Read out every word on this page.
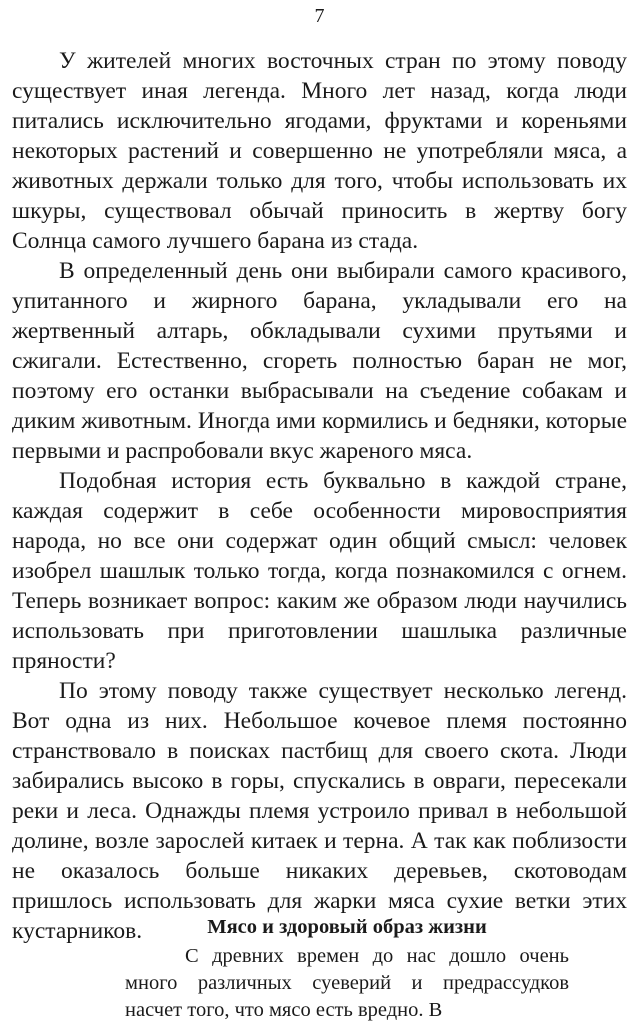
7

У жителей многих восточных стран по этому поводу существует иная легенда. Много лет назад, когда люди питались исключительно ягодами, фруктами и кореньями некоторых растений и совершенно не употребляли мяса, а животных держали только для того, чтобы использовать их шкуры, существовал обычай приносить в жертву богу Солнца самого лучшего барана из стада.

В определенный день они выбирали самого красивого, упитанного и жирного барана, укладывали его на жертвенный алтарь, обкладывали сухими прутьями и сжигали. Естественно, сгореть полностью баран не мог, поэтому его останки выбрасывали на съедение собакам и диким животным. Иногда ими кормились и бедняки, которые первыми и распробовали вкус жареного мяса.

Подобная история есть буквально в каждой стране, каждая содержит в себе особенности мировосприятия народа, но все они содержат один общий смысл: человек изобрел шашлык только тогда, когда познакомился с огнем. Теперь возникает вопрос: каким же образом люди научились использовать при приготовлении шашлыка различные пряности?

По этому поводу также существует несколько легенд. Вот одна из них. Небольшое кочевое племя постоянно странствовало в поисках пастбищ для своего скота. Люди забирались высоко в горы, спускались в овраги, пересекали реки и леса. Однажды племя устроило привал в небольшой долине, возле зарослей китаек и терна. А так как поблизости не оказалось больше никаких деревьев, скотоводам пришлось использовать для жарки мяса сухие ветки этих кустарников.	Мясо и здоровый образ жизни

С древних времен до нас дошло очень много различных суеверий и предрассудков насчет того, что мясо есть вредно. В
